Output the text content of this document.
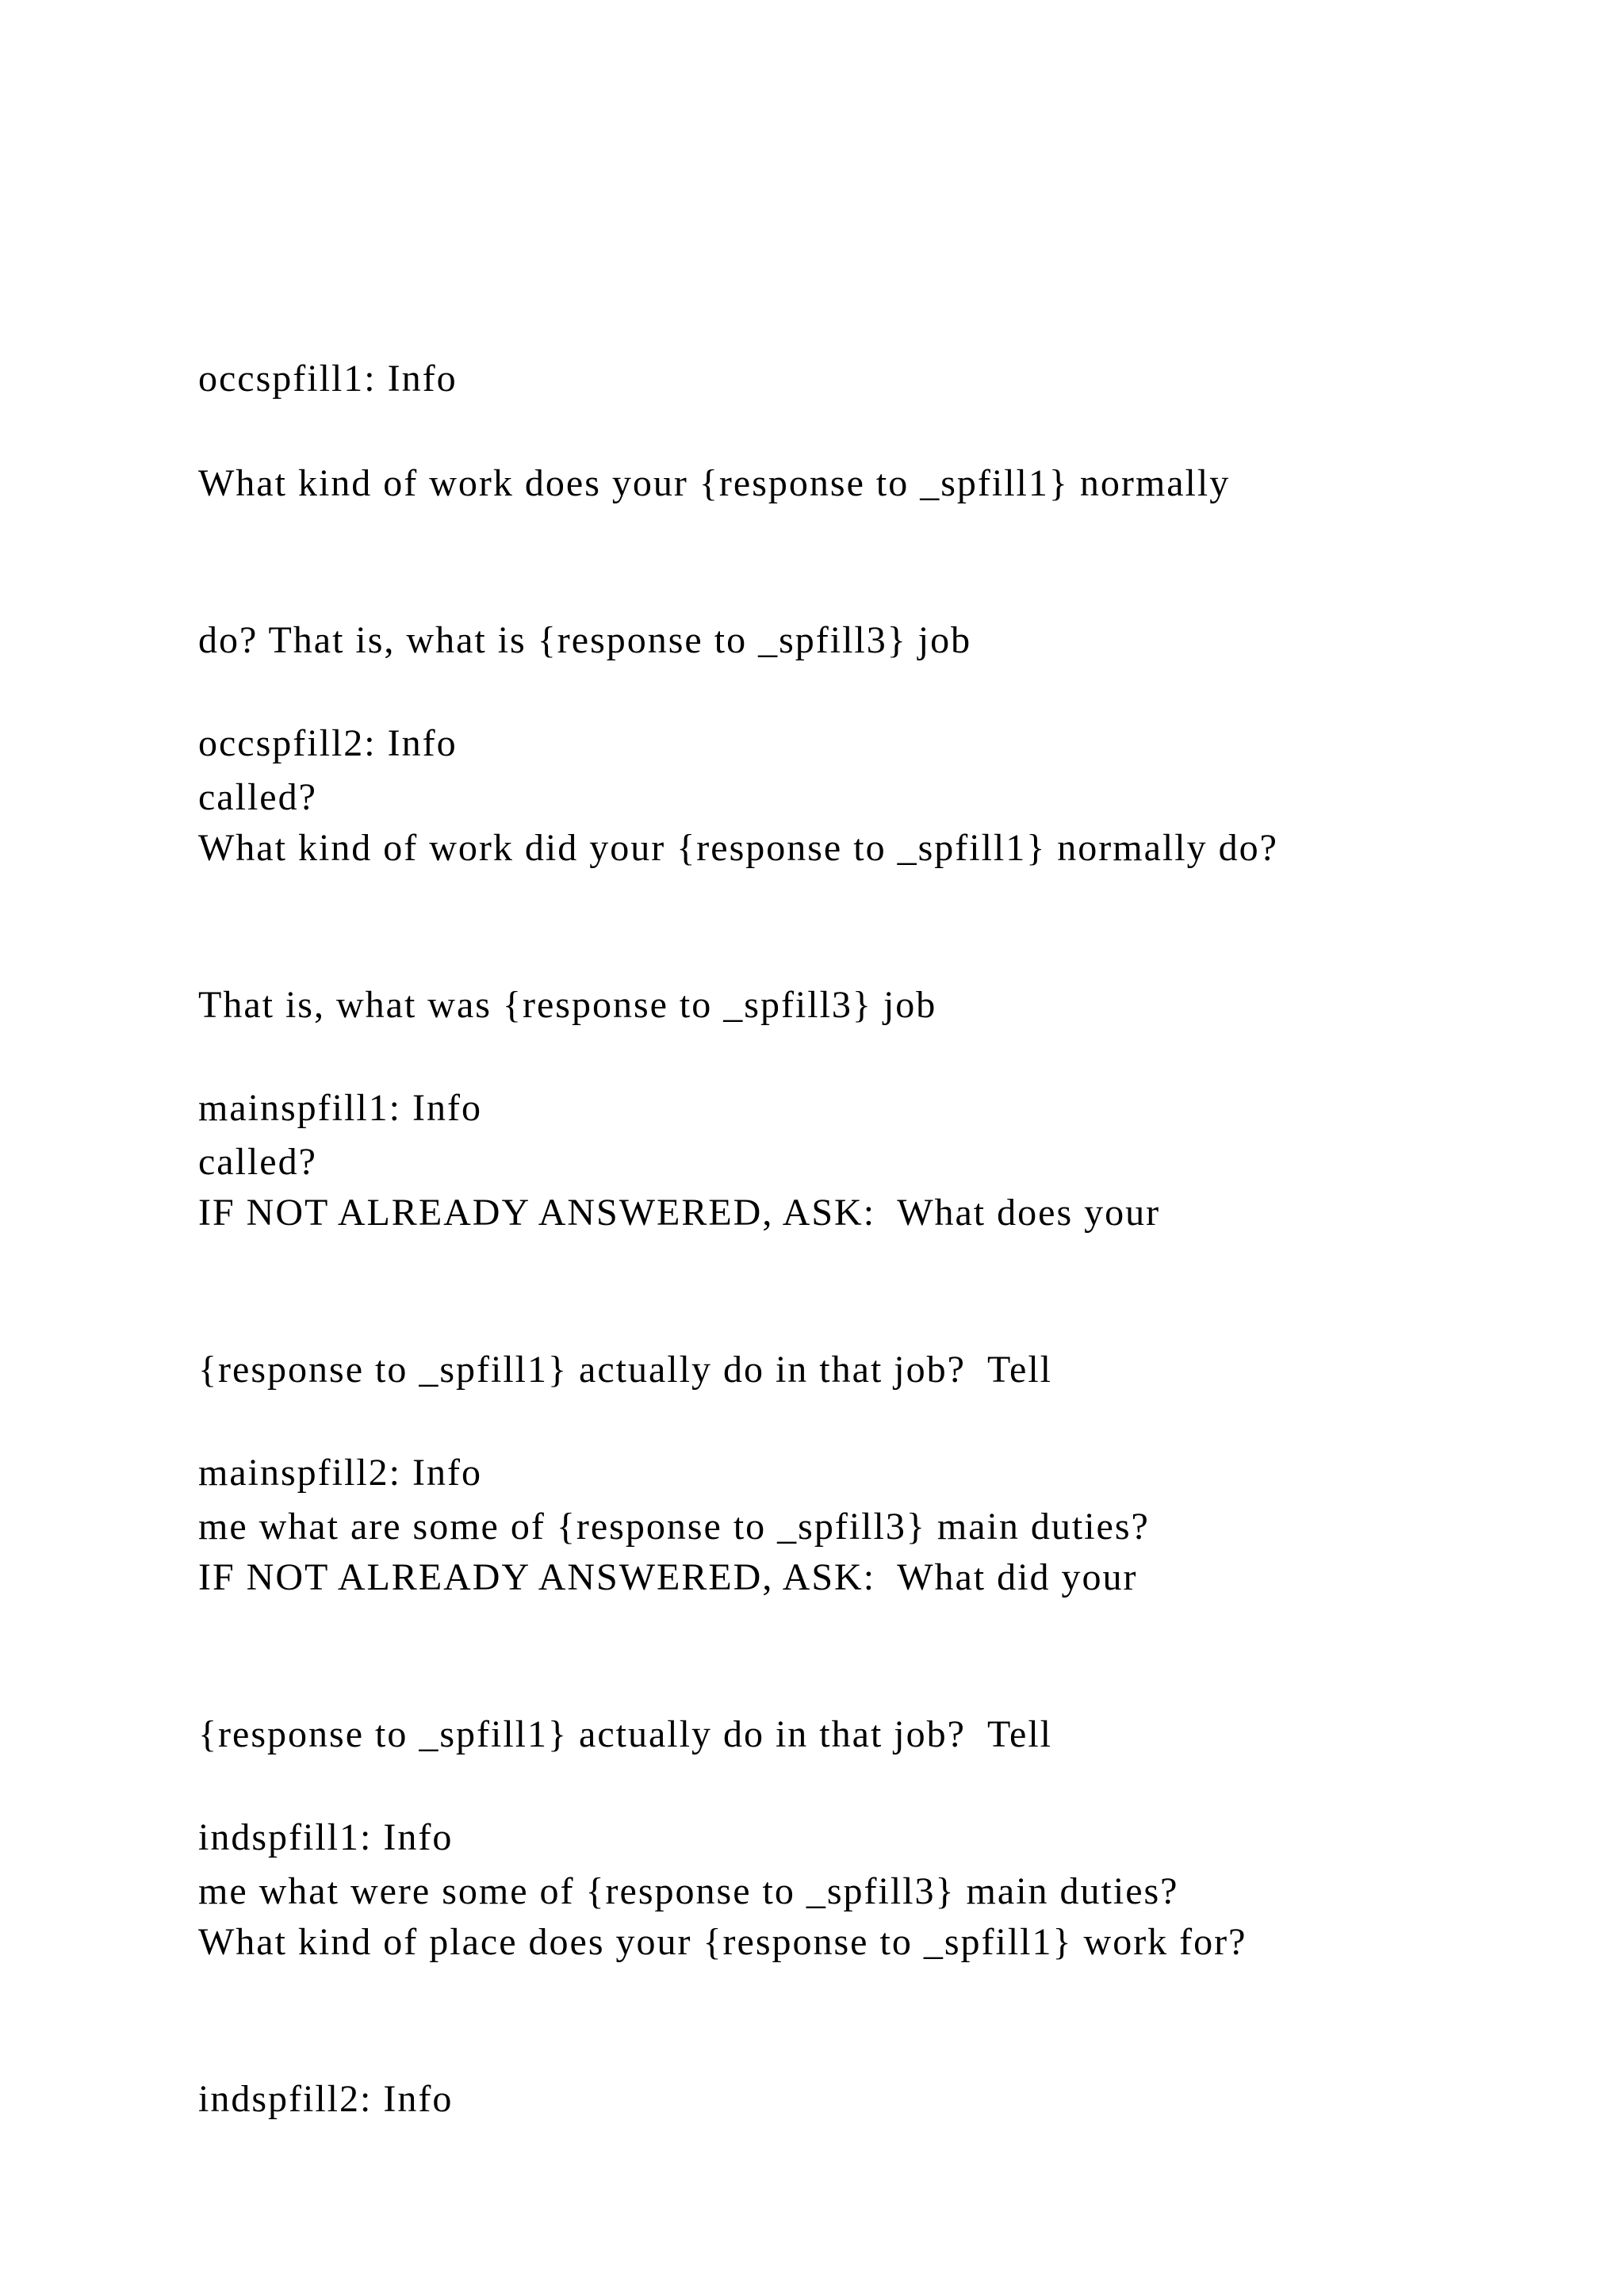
occspfill1: Info

What kind of work does your {response to _spfill1} normally

do? That is, what is {response to _spfill3} job

called?

occspfill2: Info

What kind of work did your {response to _spfill1} normally do?

That is, what was {response to _spfill3} job

called?

mainspfill1: Info

IF NOT ALREADY ANSWERED, ASK:  What does your

{response to _spfill1} actually do in that job?  Tell

me what are some of {response to _spfill3} main duties?

mainspfill2: Info

IF NOT ALREADY ANSWERED, ASK:  What did your

{response to _spfill1} actually do in that job?  Tell

me what were some of {response to _spfill3} main duties?

indspfill1: Info

What kind of place does your {response to _spfill1} work for?

indspfill2: Info
